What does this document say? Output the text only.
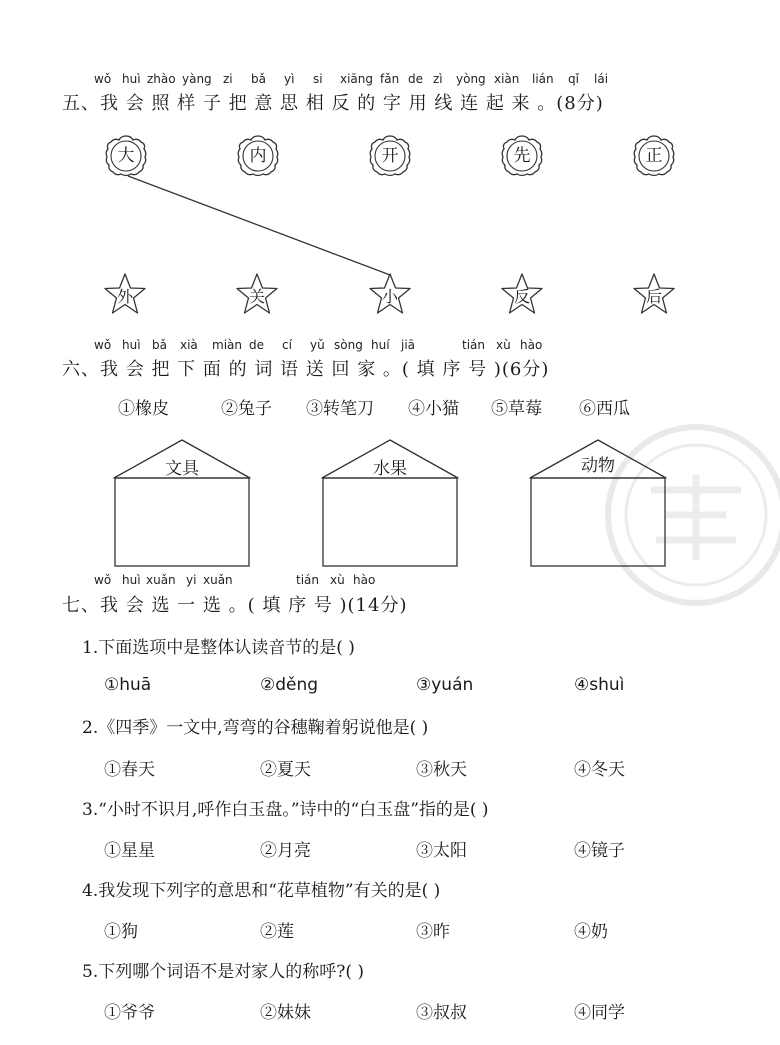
wǒ huì zhào yàng zi bǎ yì si xiāng fǎn de zì yòng xiàn lián qǐ lái
五、我 会 照 样 子 把 意 思 相 反 的 字 用 线 连 起 来 。(8分)
大	内	开	先	正
外	关	小	反	后
wǒ huì bǎ xià miàn de cí yǔ sòng huí jiā	tián xù hào
六、我 会 把 下 面 的 词 语 送 回 家 。( 填 序 号 )(6分)
①橡皮	②兔子 ③转笔刀 ④小猫 ⑤草莓 ⑥西瓜
文具	水果	动物
wǒ huì xuǎn yi xuǎn	tián xù hào
七、我 会 选 一 选 。( 填 序 号 )(14分)
1.下面选项中是整体认读音节的是( )
①huā	②děng	③yuán	④shuì
2.《四季》一文中,弯弯的谷穗鞠着躬说他是( )
①春天	②夏天	③秋天	④冬天
3.“小时不识月,呼作白玉盘。”诗中的“白玉盘”指的是( )
①星星	②月亮	③太阳	④镜子
4.我发现下列字的意思和“花草植物”有关的是( )
①狗	②莲	③昨	④奶
5.下列哪个词语不是对家人的称呼?( )
①爷爷	②妹妹	③叔叔	④同学
